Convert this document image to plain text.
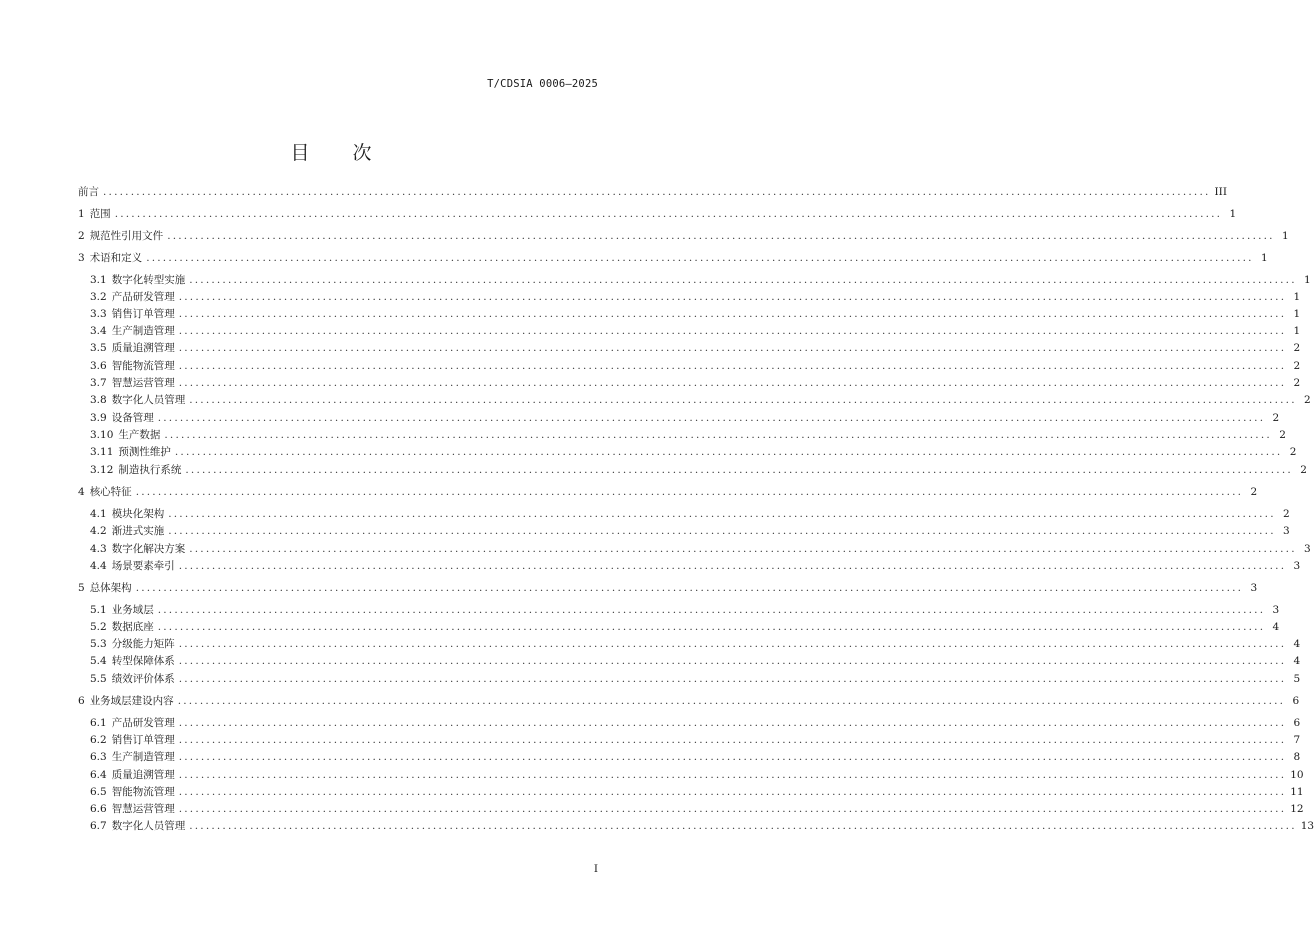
T/CDSIA 0006—2025
目　次
前言 ........................................................................................................................................................................................................ III
1 范围 ........................................................................................................................................................................................................ 1
2 规范性引用文件 ........................................................................................................................................................................................................ 1
3 术语和定义 ........................................................................................................................................................................................................ 1
3.1 数字化转型实施 ........................................................................................................................................................................................................ 1
3.2 产品研发管理 ........................................................................................................................................................................................................ 1
3.3 销售订单管理 ........................................................................................................................................................................................................ 1
3.4 生产制造管理 ........................................................................................................................................................................................................ 1
3.5 质量追溯管理 ........................................................................................................................................................................................................ 2
3.6 智能物流管理 ........................................................................................................................................................................................................ 2
3.7 智慧运营管理 ........................................................................................................................................................................................................ 2
3.8 数字化人员管理 ........................................................................................................................................................................................................ 2
3.9 设备管理 ........................................................................................................................................................................................................ 2
3.10 生产数据 ........................................................................................................................................................................................................ 2
3.11 预测性维护 ........................................................................................................................................................................................................ 2
3.12 制造执行系统 ........................................................................................................................................................................................................ 2
4 核心特征 ........................................................................................................................................................................................................ 2
4.1 模块化架构 ........................................................................................................................................................................................................ 2
4.2 渐进式实施 ........................................................................................................................................................................................................ 3
4.3 数字化解决方案 ........................................................................................................................................................................................................ 3
4.4 场景要素牵引 ........................................................................................................................................................................................................ 3
5 总体架构 ........................................................................................................................................................................................................ 3
5.1 业务域层 ........................................................................................................................................................................................................ 3
5.2 数据底座 ........................................................................................................................................................................................................ 4
5.3 分级能力矩阵 ........................................................................................................................................................................................................ 4
5.4 转型保障体系 ........................................................................................................................................................................................................ 4
5.5 绩效评价体系 ........................................................................................................................................................................................................ 5
6 业务域层建设内容 ........................................................................................................................................................................................................ 6
6.1 产品研发管理 ........................................................................................................................................................................................................ 6
6.2 销售订单管理 ........................................................................................................................................................................................................ 7
6.3 生产制造管理 ........................................................................................................................................................................................................ 8
6.4 质量追溯管理 ........................................................................................................................................................................................................ 10
6.5 智能物流管理 ........................................................................................................................................................................................................ 11
6.6 智慧运营管理 ........................................................................................................................................................................................................ 12
6.7 数字化人员管理 ........................................................................................................................................................................................................ 13
I
